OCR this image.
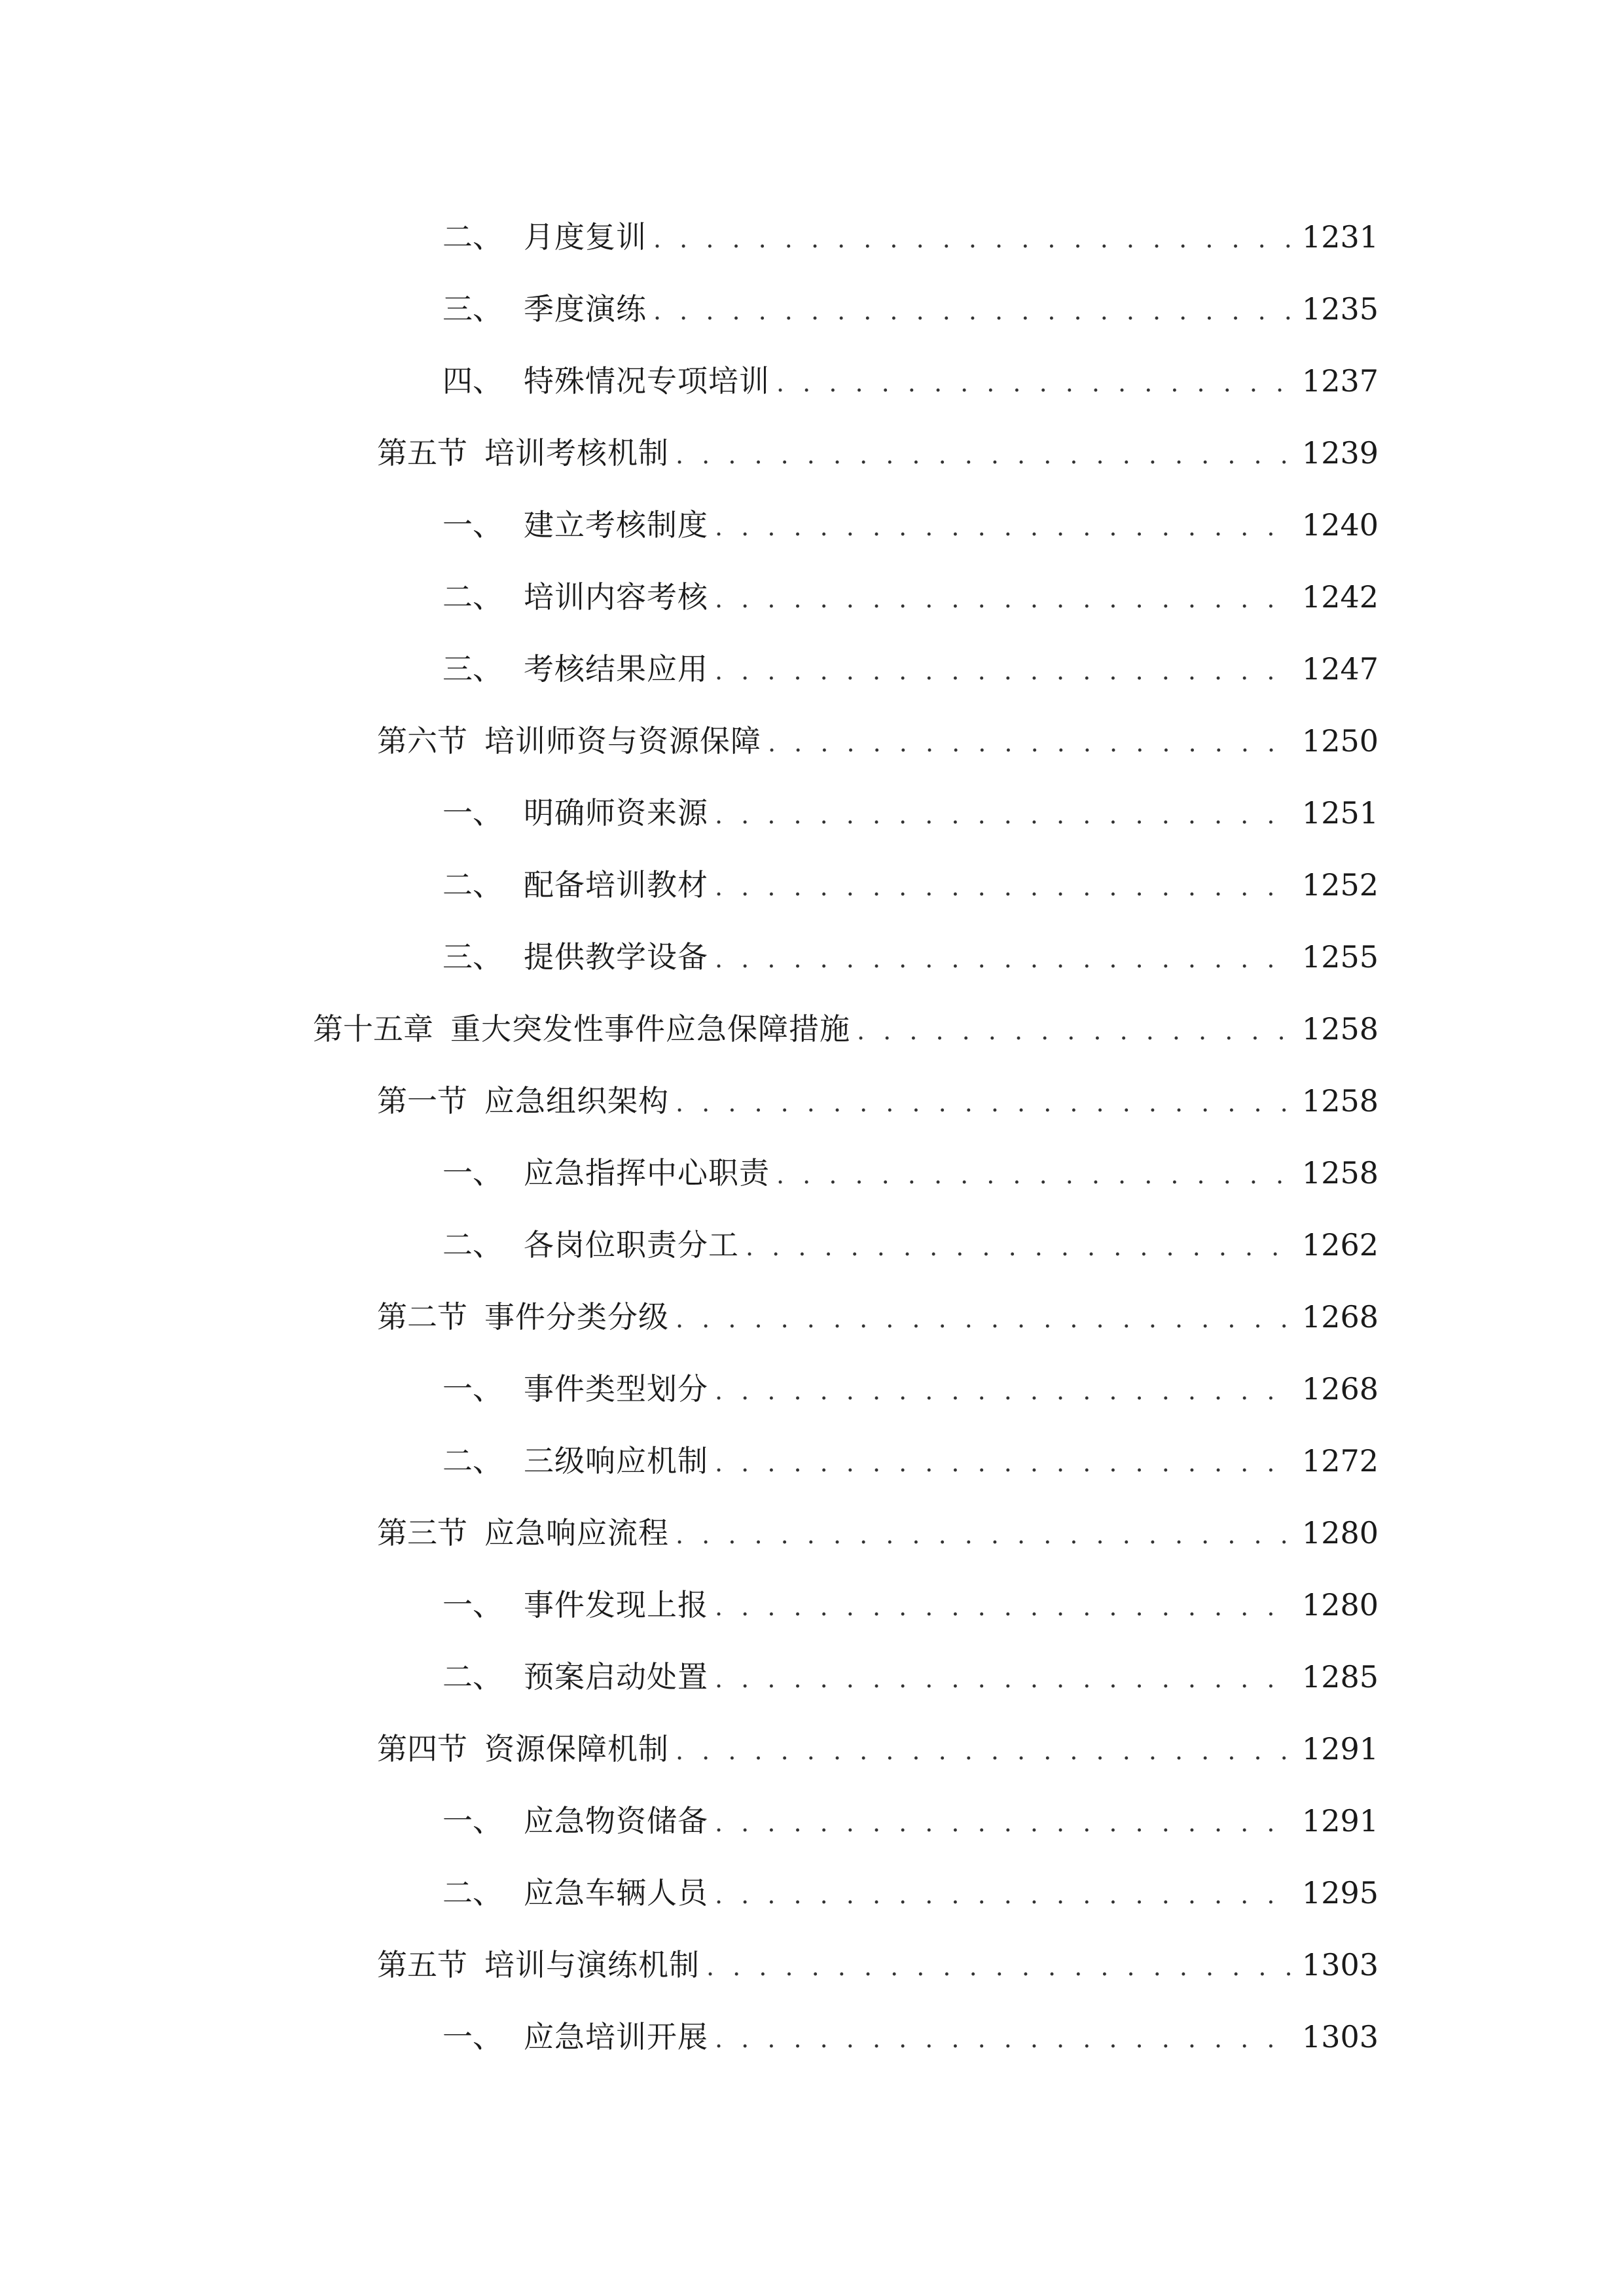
二、 月度复训 . . .	1231
三、 季度演练 . . .	1235
四、 特殊情况专项培训 . . .	1237
第五节 培训考核机制 . . .	1239
一、 建立考核制度 . . .	1240
二、 培训内容考核 . . .	1242
三、 考核结果应用 . . .	1247
第六节 培训师资与资源保障 . . .	1250
一、 明确师资来源 . . .	1251
二、 配备培训教材 . . .	1252
三、 提供教学设备 . . .	1255
第十五章 重大突发性事件应急保障措施 . . .	1258
第一节 应急组织架构 . . .	1258
一、 应急指挥中心职责 . . .	1258
二、 各岗位职责分工 . . .	1262
第二节 事件分类分级 . . .	1268
一、 事件类型划分 . . .	1268
二、 三级响应机制 . . .	1272
第三节 应急响应流程 . . .	1280
一、 事件发现上报 . . .	1280
二、 预案启动处置 . . .	1285
第四节 资源保障机制 . . .	1291
一、 应急物资储备 . . .	1291
二、 应急车辆人员 . . .	1295
第五节 培训与演练机制 . . .	1303
一、 应急培训开展 . . .	1303
